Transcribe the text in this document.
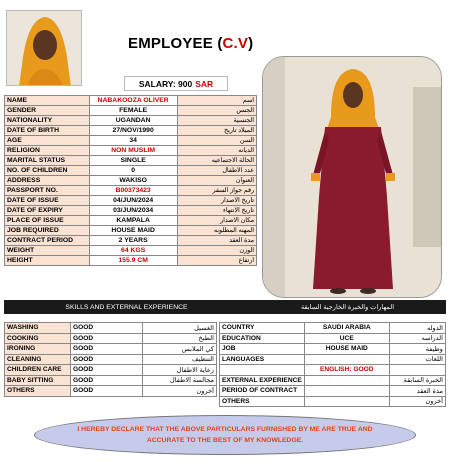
EMPLOYEE (C.V)
SALARY: 900 SAR
NAME	NABAKOOZA OLIVER	اسم
GENDER	FEMALE	الجنس
NATIONALITY	UGANDAN	الجنسية
DATE OF BIRTH	27/NOV/1990	الميلاد تاريخ
AGE	34	السن
RELIGION	NON MUSLIM	الديانه
MARITAL STATUS	SINGLE	الحالة الاجتماعيه
NO. OF CHILDREN	0	عدد الاطفال
ADDRESS	WAKISO	العنوان
PASSPORT NO.	B00373423	رقم جواز السفر
DATE OF ISSUE	04/JUN/2024	تاريخ الاصدار
DATE OF EXPIRY	03/JUN/2034	تاريخ الانتهاء
PLACE OF ISSUE	KAMPALA	مكان الاصدار
JOB REQUIRED	HOUSE MAID	المهنه المطلوبه
CONTRACT PERIOD	2 YEARS	مدة العقد
WEIGHT	64 KGS	الوزن
HEIGHT	155.9 CM	ارتفاع
SKILLS AND EXTERNAL EXPERIENCE	المهارات والخبرة الخارجية السابقة
WASHING	GOOD	الغسيل
COOKING	GOOD	الطبخ
IRONING	GOOD	كي الملابس
CLEANING	GOOD	التنظيف
CHILDREN CARE	GOOD	رعاية الاطفال
BABY SITTING	GOOD	مجالسة الاطفال
OTHERS	GOOD	أخرون
COUNTRY	SAUDI ARABIA	الدوله
EDUCATION	UCE	الدراسه
JOB	HOUSE MAID	وظيفة
LANGUAGES		اللغات
	ENGLISH: GOOD	
EXTERNAL EXPERIENCE		الخبرة السابقة
PERIOD OF CONTRACT		مدة العقد
OTHERS		أخرون
I HEREBY DECLARE THAT THE ABOVE PARTICULARS FURNISHED BY ME ARE TRUE AND ACCURATE TO THE BEST OF MY KNOWLEDGE.
